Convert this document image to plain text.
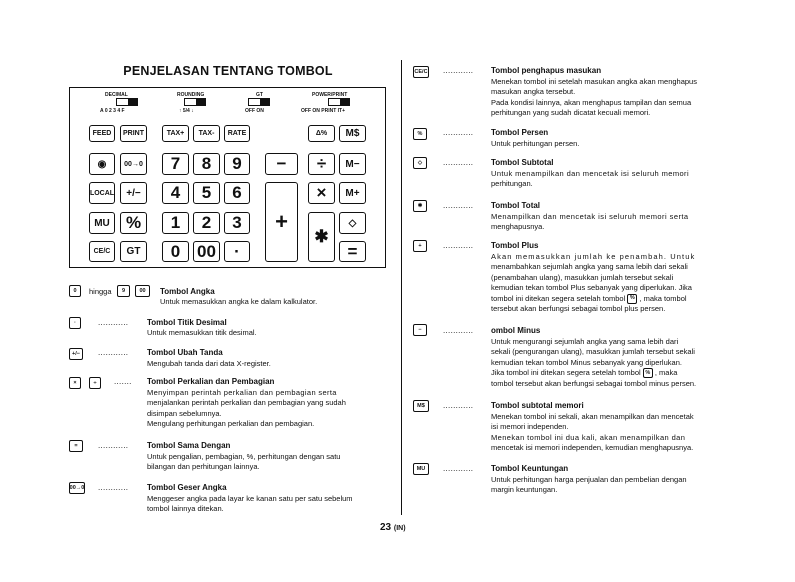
PENJELASAN TENTANG TOMBOL
DECIMAL
A 0 2 3 4 F
ROUNDING
↑ 5/4 ↓
GT
OFF ON
POWER/PRINT
OFF ON PRINT IT+
FEED	PRINT	TAX+	TAX-	RATE	Δ%	M$
◉	00→0	7	8	9	−	÷	M−
LOCAL	+/−	4	5	6	×	M+
MU %	1	2	3	+
✱
◇
CE/C	GT	0 00	·	=
0	hingga	9	00	Tombol Angka
Untuk memasukkan angka ke dalam kalkulator.
·	............ Tombol Titik Desimal
Untuk memasukkan titik desimal.
+/−	............ Tombol Ubah Tanda
Mengubah tanda dari data X-register.
×	÷	....... Tombol Perkalian dan Pembagian
Menyimpan perintah perkalian dan pembagian serta
menjalankan perintah perkalian dan pembagian yang sudah
disimpan sebelumnya.
Mengulang perhitungan perkalian dan pembagian.
=	............ Tombol Sama Dengan
Untuk pengalian, pembagian, %, perhitungan dengan satu
bilangan dan perhitungan lainnya.
00→0 ............ Tombol Geser Angka
Menggeser angka pada layar ke kanan satu per satu sebelum
tombol lainnya ditekan.
CE/C ............ Tombol penghapus masukan
Menekan tombol ini setelah masukan angka akan menghapus
masukan angka tersebut.
Pada kondisi lainnya, akan menghapus tampilan dan semua
perhitungan yang sudah dicatat kecuali memori.
%	............ Tombol Persen
Untuk perhitungan persen.
◇	............ Tombol Subtotal
Untuk menampilkan dan mencetak isi seluruh memori
perhitungan.
✱	............ Tombol Total
Menampilkan dan mencetak isi seluruh memori serta
menghapusnya.
+	............ Tombol Plus
Akan memasukkan jumlah ke penambah. Untuk
menambahkan sejumlah angka yang sama lebih dari sekali
(penambahan ulang), masukkan jumlah tersebut sekali
kemudian tekan tombol Plus sebanyak yang diperlukan. Jika
tombol ini ditekan segera setelah tombol % , maka tombol
tersebut akan berfungsi sebagai tombol plus persen.
−	............ ombol Minus
Untuk mengurangi sejumlah angka yang sama lebih dari
sekali (pengurangan ulang), masukkan jumlah tersebut sekali
kemudian tekan tombol Minus sebanyak yang diperlukan.
Jika tombol ini ditekan segera setelah tombol % , maka
tombol tersebut akan berfungsi sebagai tombol minus persen.
M$	............ Tombol subtotal memori
Menekan tombol ini sekali, akan menampilkan dan mencetak
isi memori independen.
Menekan tombol ini dua kali, akan menampilkan dan
mencetak isi memori independen, kemudian menghapusnya.
MU	............ Tombol Keuntungan
Untuk perhitungan harga penjualan dan pembelian dengan
margin keuntungan.
23 (IN)
